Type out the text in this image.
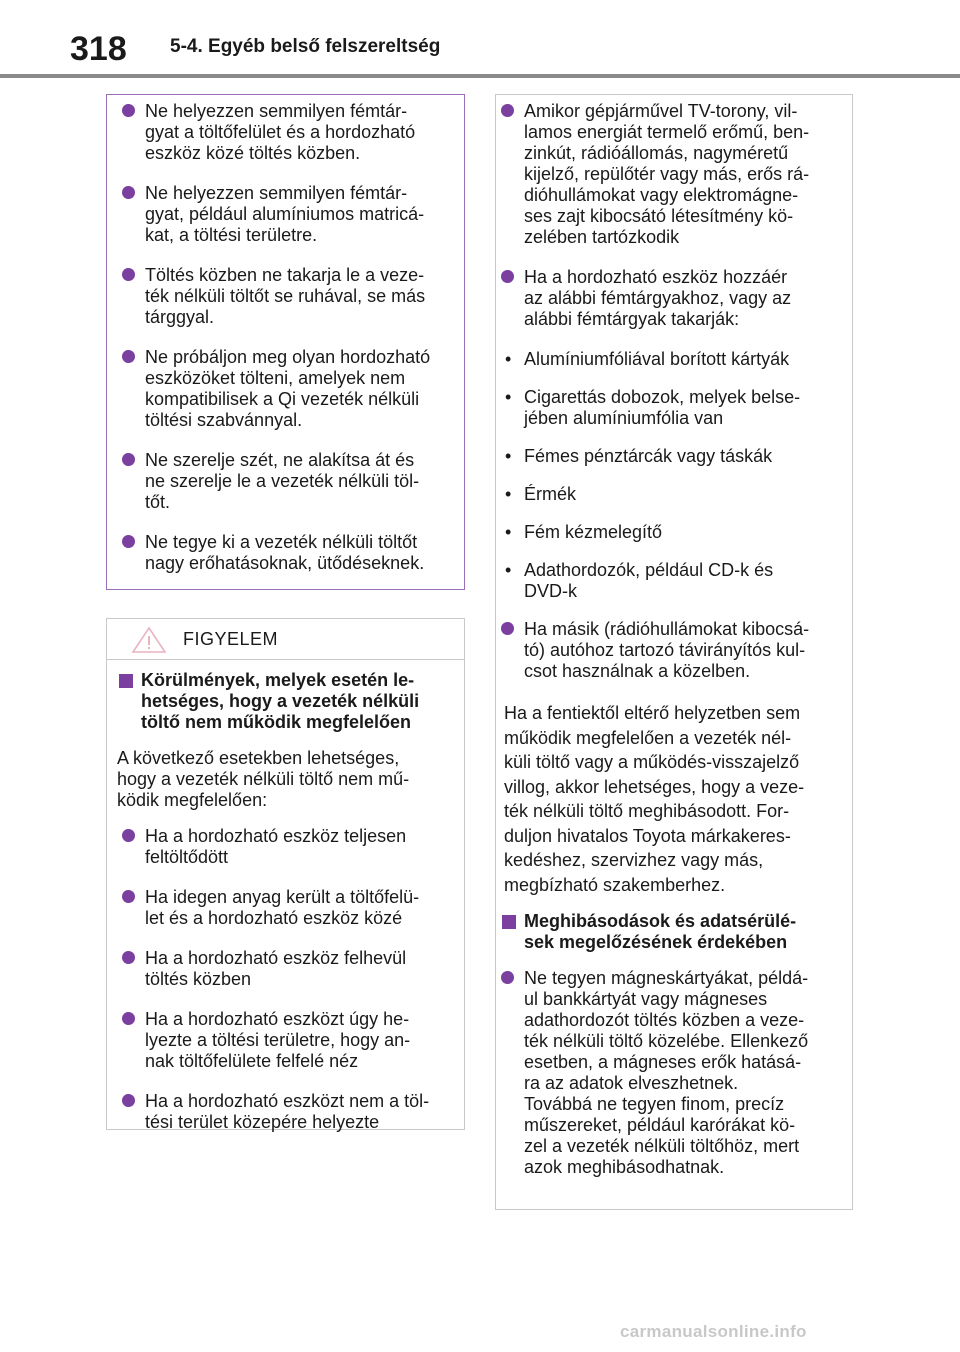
318 5-4. Egyéb belső felszereltség
Ne helyezzen semmilyen fémtár-
gyat a töltőfelület és a hordozható
eszköz közé töltés közben.
Ne helyezzen semmilyen fémtár-
gyat, például alumíniumos matricá-
kat, a töltési területre.
Töltés közben ne takarja le a veze-
ték nélküli töltőt se ruhával, se más
tárggyal.
Ne próbáljon meg olyan hordozható
eszközöket tölteni, amelyek nem
kompatibilisek a Qi vezeték nélküli
töltési szabvánnyal.
Ne szerelje szét, ne alakítsa át és
ne szerelje le a vezeték nélküli töl-
tőt.
Ne tegye ki a vezeték nélküli töltőt
nagy erőhatásoknak, ütődéseknek.
FIGYELEM
Körülmények, melyek esetén le-
hetséges, hogy a vezeték nélküli
töltő nem működik megfelelően
A következő esetekben lehetséges,
hogy a vezeték nélküli töltő nem mű-
ködik megfelelően:
Ha a hordozható eszköz teljesen
feltöltődött
Ha idegen anyag került a töltőfelü-
let és a hordozható eszköz közé
Ha a hordozható eszköz felhevül
töltés közben
Ha a hordozható eszközt úgy he-
lyezte a töltési területre, hogy an-
nak töltőfelülete felfelé néz
Ha a hordozható eszközt nem a töl-
tési terület közepére helyezte
Amikor gépjárművel TV-torony, vil-
lamos energiát termelő erőmű, ben-
zinkút, rádióállomás, nagyméretű
kijelző, repülőtér vagy más, erős rá-
dióhullámokat vagy elektromágne-
ses zajt kibocsátó létesítmény kö-
zelében tartózkodik
Ha a hordozható eszköz hozzáér
az alábbi fémtárgyakhoz, vagy az
alábbi fémtárgyak takarják:
• Alumíniumfóliával borított kártyák
• Cigarettás dobozok, melyek belse-
jében alumíniumfólia van
• Fémes pénztárcák vagy táskák
• Érmék
• Fém kézmelegítő
• Adathordozók, például CD-k és
DVD-k
Ha másik (rádióhullámokat kibocsá-
tó) autóhoz tartozó távirányítós kul-
csot használnak a közelben.
Ha a fentiektől eltérő helyzetben sem
működik megfelelően a vezeték nél-
küli töltő vagy a működés-visszajelző
villog, akkor lehetséges, hogy a veze-
ték nélküli töltő meghibásodott. For-
duljon hivatalos Toyota márkakeres-
kedéshez, szervizhez vagy más,
megbízható szakemberhez.
Meghibásodások és adatsérülé-
sek megelőzésének érdekében
Ne tegyen mágneskártyákat, példá-
ul bankkártyát vagy mágneses
adathordozót töltés közben a veze-
ték nélküli töltő közelébe. Ellenkező
esetben, a mágneses erők hatásá-
ra az adatok elveszhetnek.
Továbbá ne tegyen finom, precíz
műszereket, például karórákat kö-
zel a vezeték nélküli töltőhöz, mert
azok meghibásodhatnak.
carmanualsonline.info
